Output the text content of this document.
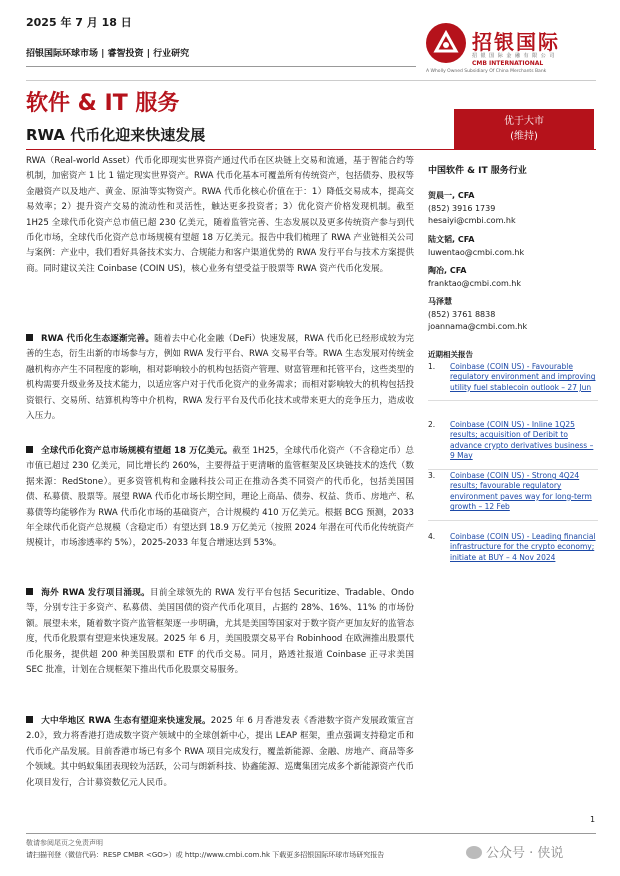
2025 年 7 月 18 日
招银国际环球市场 | 睿智投资 | 行业研究	招银国际
招 银 国 际 金 融 有 限 公 司
CMB INTERNATIONAL
A Wholly Owned Subsidiary Of China Merchants Bank
软件 & IT 服务
RWA 代币化迎来快速发展
优于大市
(维持)
RWA（Real-world Asset）代币化即现实世界资产通过代币在区块链上交易和流通，基于智能合约等机制，加密资产 1 比 1 锚定现实世界资产。RWA 代币化基本可覆盖所有传统资产，包括债券、股权等金融资产以及地产、黄金、原油等实物资产。RWA 代币化核心价值在于：1）降低交易成本，提高交易效率；2）提升资产交易的流动性和灵活性，触达更多投资者；3）优化资产价格发现机制。截至 1H25 全球代币化资产总市值已超 230 亿美元，随着监管完善、生态发展以及更多传统资产参与到代币化市场，全球代币化资产总市场规模有望超 18 万亿美元。报告中我们梳理了 RWA 产业链相关公司与案例：产业中，我们看好具备技术实力、合规能力和客户渠道优势的 RWA 发行平台与技术方案提供商。同时建议关注 Coinbase (COIN US)，核心业务有望受益于股票等 RWA 资产代币化发展。
RWA 代币化生态逐渐完善。随着去中心化金融（DeFi）快速发展，RWA 代币化已经形成较为完善的生态，衍生出新的市场参与方，例如 RWA 发行平台、RWA 交易平台等。RWA 生态发展对传统金融机构亦产生不同程度的影响，相对影响较小的机构包括资产管理、财富管理和托管平台，这些类型的机构需要升级业务及技术能力，以适应客户对于代币化资产的业务需求；而相对影响较大的机构包括投资银行、交易所、结算机构等中介机构，RWA 发行平台及代币化技术或带来更大的竞争压力，造成收入压力。
全球代币化资产总市场规模有望超 18 万亿美元。截至 1H25，全球代币化资产（不含稳定币）总市值已超过 230 亿美元，同比增长约 260%，主要得益于更清晰的监管框架及区块链技术的迭代（数据来源：RedStone）。更多资管机构和金融科技公司正在推动各类不同资产的代币化，包括美国国债、私募债、股票等。展望 RWA 代币化市场长期空间，理论上商品、债券、权益、货币、房地产、私募债等均能够作为 RWA 代币化市场的基础资产，合计规模约 410 万亿美元。根据 BCG 预测，2033 年全球代币化资产总规模（含稳定币）有望达到 18.9 万亿美元（按照 2024 年潜在可代币化传统资产规模计，市场渗透率约 5%），2025-2033 年复合增速达到 53%。
海外 RWA 发行项目涌现。目前全球领先的 RWA 发行平台包括 Securitize、Tradable、Ondo 等，分别专注于多资产、私募债、美国国债的资产代币化项目，占据约 28%、16%、11% 的市场份额。展望未来，随着数字资产监管框架逐一步明确，尤其是美国等国家对于数字资产更加友好的监管态度，代币化股票有望迎来快速发展。2025 年 6 月，美国股票交易平台 Robinhood 在欧洲推出股票代币化服务，提供超 200 种美国股票和 ETF 的代币交易。同月，路透社报道 Coinbase 正寻求美国 SEC 批准，计划在合规框架下推出代币化股票交易服务。
大中华地区 RWA 生态有望迎来快速发展。2025 年 6 月香港发表《香港数字资产发展政策宣言 2.0》，致力将香港打造成数字资产领域中的全球创新中心，提出 LEAP 框架，重点强调支持稳定币和代币化产品发展。目前香港市场已有多个 RWA 项目完成发行，覆盖新能源、金融、房地产、商品等多个领域。其中蚂蚁集团表现较为活跃，公司与朗新科技、协鑫能源、巡鹰集团完成多个新能源资产代币化项目发行，合计募资数亿元人民币。
中国软件 & IT 服务行业
贺晨一, CFA
(852) 3916 1739
hesaiyi@cmbi.com.hk
陆文韬, CFA
luwentao@cmbi.com.hk
陶冶, CFA
franktao@cmbi.com.hk
马泽慧
(852) 3761 8838
joannama@cmbi.com.hk
近期相关报告
1. Coinbase (COIN US) - Favourable regulatory environment and improving utility fuel stablecoin outlook – 27 Jun
2. Coinbase (COIN US) - Inline 1Q25 results; acquisition of Deribit to advance crypto derivatives business – 9 May
3. Coinbase (COIN US) - Strong 4Q24 results; favourable regulatory environment paves way for long-term growth – 12 Feb
4. Coinbase (COIN US) - Leading financial infrastructure for the crypto economy; initiate at BUY – 4 Nov 2024
1
敬请参阅尾页之免责声明
请扫描刊登（微信代码：RESP CMBR <GO>）或 http://www.cmbi.com.hk 下载更多招银国际环球市场研究报告	公众号 · 侠说
